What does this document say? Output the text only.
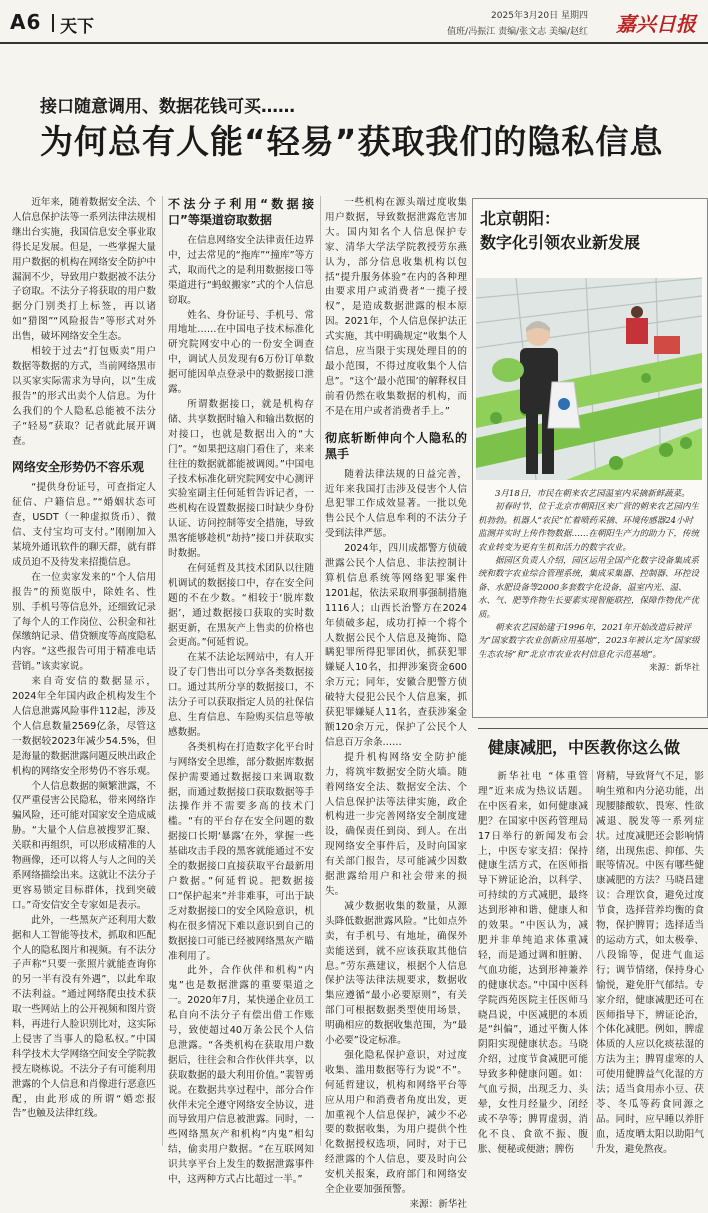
A6 天下
2025年3月20日 星期四
值班/冯振江 责编/张文志 美编/赵红 嘉兴日报
接口随意调用、数据花钱可买……
为何总有人能“轻易”获取我们的隐私信息

近年来，随着数据安全法、个人信息保护法等一系列法律法规相继出台实施，我国信息安全事业取得长足发展。但是，一些掌握大量用户数据的机构在网络安全防护中漏洞不少，导致用户数据被不法分子窃取。不法分子将获取的用户数据分门别类打上标签，再以诸如“猎图”“风险报告”等形式对外出售，破坏网络安全生态。

相较于过去“打包贩卖”用户数据等数据的方式，当前网络黑市以买家实际需求为导向，以“生成报告”的形式出卖个人信息。为什么我们的个人隐私总能被不法分子“轻易”获取？记者就此展开调查。

网络安全形势仍不容乐观

“提供身份证号，可查指定人征信、户籍信息。”“婚姻状态可查，USDT（一种虚拟货币）、微信、支付宝均可支付。”刚刚加入某境外通讯软件的聊天群，就有群成员迫不及待发来招揽信息。

在一位卖家发来的“个人信用报告”的预览版中，除姓名、性别、手机号等信息外，还细致记录了每个人的工作岗位、公积金和社保缴纳记录、借贷额度等高度隐私内容。“这些报告可用于精准电话营销。”该卖家说。

来自奇安信的数据显示，2024年全年国内政企机构发生个人信息泄露风险事件112起，涉及个人信息数量2569亿条，尽管这一数据较2023年减少54.5%，但是海量的数据泄露问题反映出政企机构的网络安全形势仍不容乐观。

个人信息数据的频繁泄露，不仅严重侵害公民隐私，带来网络诈骗风险，还可能对国家安全造成威胁。“大量个人信息被搜罗汇聚、关联和再组织，可以形成精准的人物画像，还可以将人与人之间的关系网络描绘出来。这就让不法分子更容易锁定目标群体，找到突破口。”奇安信安全专家如是表示。

此外，一些黑灰产还利用大数据和人工智能等技术，抓取和匹配个人的隐私图片和视频。有不法分子声称“只要一张照片就能查询你的另一半有没有外遇”，以此牟取不法利益。“通过网络爬虫技术获取一些网站上的公开视频和图片资料，再进行人脸识别比对，这实际上侵害了当事人的隐私权。”中国科学技术大学网络空间安全学院教授左晓栋说。不法分子有可能利用泄露的个人信息和肖像进行恶意匹配，由此形成的所谓“婚恋报告”也触及法律红线。

不法分子利用“数据接口”等渠道窃取数据

在信息网络安全法律责任边界中，过去常见的“拖库”“撞库”等方式，取而代之的是利用数据接口等渠道进行“蚂蚁搬家”式的个人信息窃取。

姓名、身份证号、手机号、常用地址……在中国电子技术标准化研究院网安中心的一份安全调查中，调试人员发现有6万份订单数据可能因单点登录中的数据接口泄露。

所谓数据接口，就是机构存储、共享数据时输入和输出数据的对接口，也就是数据出入的“大门”。“如果把这扇门看住了，来来往往的数据就都能被调阅。”中国电子技术标准化研究院网安中心测评实验室副主任何延哲告诉记者，一些机构在设置数据接口时缺少身份认证、访问控制等安全措施，导致黑客能够趁机“劫持”接口并获取实时数据。

在何延哲及其技术团队以往随机调试的数据接口中，存在安全问题的不在少数。“相较于‘脱库数据’，通过数据接口获取的实时数据更新，在黑灰产上售卖的价格也会更高。”何延哲说。

在某不法论坛网站中，有人开设了专门售出可以分享各类数据接口。通过其所分享的数据接口，不法分子可以获取指定人员的社保信息、生育信息、车险购买信息等敏感数据。

各类机构在打造数字化平台时与网络安全思维，部分数据库数据保护需要通过数据接口来调取数据，而通过数据接口获取数据等手法操作并不需要多高的技术门槛。“有的平台存在安全问题的数据接口长期‘暴露’在外，掌握一些基础攻击手段的黑客就能通过不安全的数据接口直接获取平台最新用户数据。”何延哲说。把数据接口“保护起来”并非难事，可出于缺乏对数据接口的安全风险意识，机构在很多情况下难以意识到自己的数据接口可能已经被网络黑灰产瞄准利用了。

此外，合作伙伴和机构“内鬼”也是数据泄露的重要渠道之一。2020年7月，某快递企业员工私自向不法分子有偿出借工作账号，致使超过40万条公民个人信息泄露。“各类机构在获取用户数据后，往往会和合作伙伴共享，以获取数据的最大利用价值。”裴智勇说。在数据共享过程中，部分合作伙伴未完全遵守网络安全协议，进而导致用户信息被泄露。同时，一些网络黑灰产和机构“内鬼”相勾结，偷卖用户数据。“在互联网知识共享平台上发生的数据泄露事件中，这两种方式占比超过一半。”

一些机构在源头端过度收集用户数据，导致数据泄露危害加大。国内知名个人信息保护专家、清华大学法学院教授劳东燕认为，部分信息收集机构以包括“提升服务体验”在内的各种理由要求用户或消费者“一揽子授权”，是造成数据泄露的根本原因。2021年，个人信息保护法正式实施，其中明确规定“收集个人信息，应当限于实现处理目的的最小范围，不得过度收集个人信息”。“这个‘最小范围’的解释权目前看仍然在收集数据的机构，而不是在用户或者消费者手上。”

彻底斩断伸向个人隐私的黑手

随着法律法规的日益完善，近年来我国打击涉及侵害个人信息犯罪工作成效显著。一批以免售公民个人信息牟利的不法分子受到法律严惩。

2024年，四川成都警方侦破泄露公民个人信息、非法控制计算机信息系统等网络犯罪案件1201起，依法采取刑事强制措施1116人；山西长治警方在2024年侦破多起，成功打掉一个将个人数据公民个人信息及掩饰、隐瞒犯罪所得犯罪团伙，抓获犯罪嫌疑人10名，扣押涉案资金600余万元；同年，安徽合肥警方侦破特大侵犯公民个人信息案，抓获犯罪嫌疑人11名，查获涉案金额120余万元，保护了公民个人信息百万余条……

提升机构网络安全防护能力，将筑牢数据安全防火墙。随着网络安全法、数据安全法、个人信息保护法等法律实施，政企机构进一步完善网络安全制度建设，确保责任到岗、到人。在出现网络安全事件后，及时向国家有关部门报告，尽可能减少因数据泄露给用户和社会带来的损失。

减少数据收集的数量，从源头降低数据泄露风险。“比如点外卖，有手机号、有地址，确保外卖能送到，就不应该获取其他信息。”劳东燕建议，根据个人信息保护法等法律法规要求，数据收集应遵循“最小必要原则”，有关部门可根据数据类型使用场景，明确相应的数据收集范围，为“最小必要”设定标准。

强化隐私保护意识，对过度收集、滥用数据等行为说“不”。何延哲建议，机构和网络平台等应从用户和消费者角度出发，更加重视个人信息保护，减少不必要的数据收集，为用户提供个性化数据授权选项，同时，对于已经泄露的个人信息，要及时向公安机关报案，政府部门和网络安全企业要加强预警。

来源：新华社

北京朝阳：
数字化引领农业新发展

3月18日，市民在朝来农艺园温室内采摘新鲜蔬菜。

初春时节，位于北京市朝阳区来广营的朝来农艺园内生机勃勃。机器人“农民”忙着喷药采摘、环境传感器24小时监测并实时上传作物数据……在朝阳生产力的助力下，传统农业转变为更有生机和活力的数字农业。

据园区负责人介绍，园区运用全国产化数字设备集成系统和数字农业综合管理系统，集成采集器、控制器、环控设备、水肥设备等2000多套数字化设备，温室内光、温、水、气、肥等作物生长要素实现智能联控，保障作物优产优质。

朝来农艺园始建于1996年，2021年开始改造后被评为“国家数字农业创新应用基地”，2023年被认定为“国家级生态农场”和“北京市农业农村信息化示范基地”。

来源：新华社

健康减肥，中医教你这么做

新华社电 “体重管理”近来成为热议话题。在中医看来，如何健康减肥？在国家中医药管理局17日举行的新闻发布会上，中医专家支招：保持健康生活方式，在医师指导下辨证论治，以科学、可持续的方式减肥，最终达到形神和谐、健康人和的效果。“中医认为，减肥并非单纯追求体重减轻，而是通过调和脏腑、气血功能，达到形神兼养的健康状态。”中国中医科学院西苑医院主任医师马晓昌说，中医减肥的本质是“纠偏”，通过平衡人体阴阳实现健康状态。马晓介绍，过度节食减肥可能导致多种健康问题。如：气血亏损，出现乏力、头晕，女性月经量少、闭经或不孕等；脾胃虚弱，消化不良、食欲不振、腹胀、便秘或便溏；脾伤

肾精，导致肾气不足，影响生殖和内分泌功能，出现腰膝酸软、畏寒、性欲减退、脱发等一系列症状。过度减肥还会影响情绪，出现焦虑、抑郁、失眠等情况。中医有哪些健康减肥的方法？马晓昌建议：合理饮食，避免过度节食，选择营养均衡的食物，保护脾胃；选择适当的运动方式，如太极拳、八段锦等，促进气血运行；调节情绪，保持身心愉悦，避免肝气郁结。专家介绍，健康减肥还可在医师指导下，辨证论治，个体化减肥。例如，脾虚体质的人应以化痰祛湿的方法为主；脾胃虚寒的人可使用健脾益气化湿的方法；适当食用赤小豆、茯苓、冬瓜等药食同源之品。同时，应早睡以养肝血，适度晒太阳以助阳气升发，避免熬夜。
